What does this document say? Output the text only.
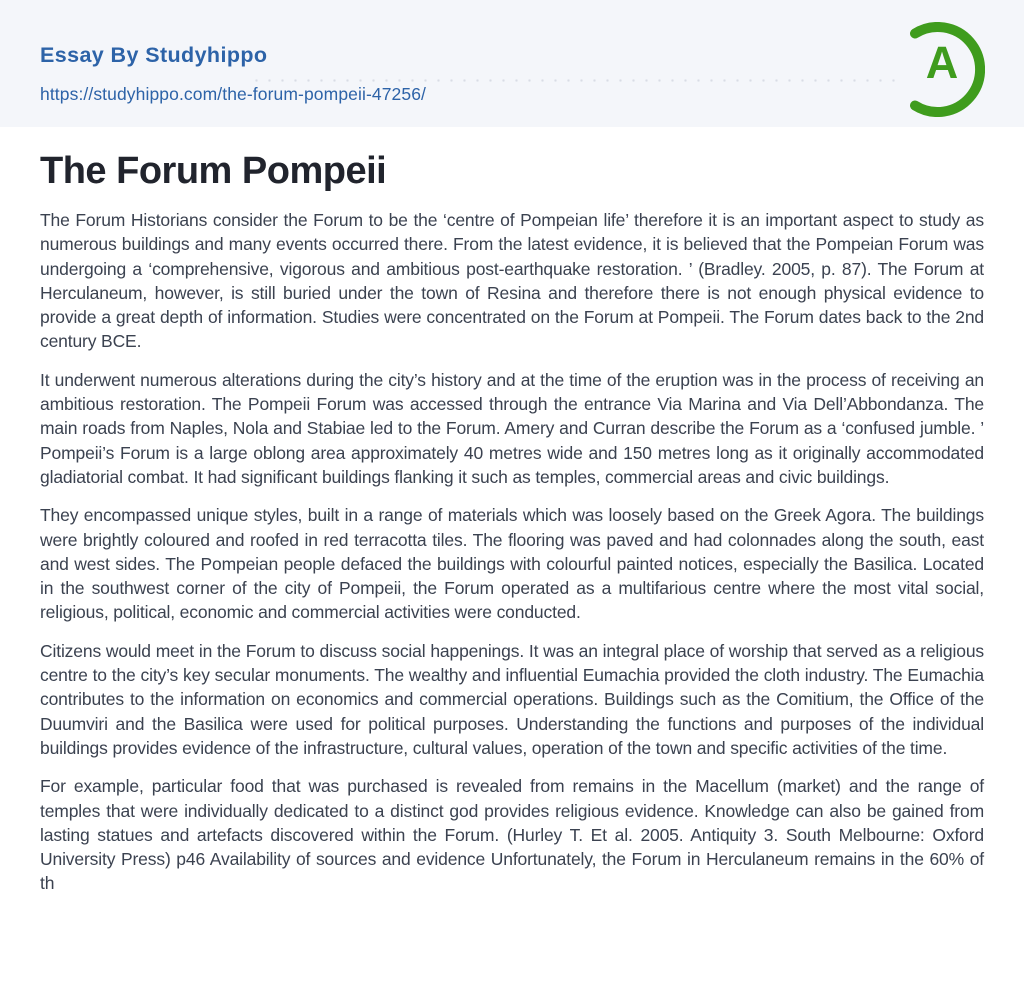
Essay By Studyhippo
https://studyhippo.com/the-forum-pompeii-47256/
A
The Forum Pompeii

The Forum Historians consider the Forum to be the ‘centre of Pompeian life’ therefore it is an important aspect to study as numerous buildings and many events occurred there. From the latest evidence, it is believed that the Pompeian Forum was undergoing a ‘comprehensive, vigorous and ambitious post-earthquake restoration. ’ (Bradley. 2005, p. 87). The Forum at Herculaneum, however, is still buried under the town of Resina and therefore there is not enough physical evidence to provide a great depth of information. Studies were concentrated on the Forum at Pompeii. The Forum dates back to the 2nd century BCE.

It underwent numerous alterations during the city’s history and at the time of the eruption was in the process of receiving an ambitious restoration. The Pompeii Forum was accessed through the entrance Via Marina and Via Dell’Abbondanza. The main roads from Naples, Nola and Stabiae led to the Forum. Amery and Curran describe the Forum as a ‘confused jumble. ’ Pompeii’s Forum is a large oblong area approximately 40 metres wide and 150 metres long as it originally accommodated gladiatorial combat. It had significant buildings flanking it such as temples, commercial areas and civic buildings.

They encompassed unique styles, built in a range of materials which was loosely based on the Greek Agora. The buildings were brightly coloured and roofed in red terracotta tiles. The flooring was paved and had colonnades along the south, east and west sides. The Pompeian people defaced the buildings with colourful painted notices, especially the Basilica. Located in the southwest corner of the city of Pompeii, the Forum operated as a multifarious centre where the most vital social, religious, political, economic and commercial activities were conducted.

Citizens would meet in the Forum to discuss social happenings. It was an integral place of worship that served as a religious centre to the city’s key secular monuments. The wealthy and influential Eumachia provided the cloth industry. The Eumachia contributes to the information on economics and commercial operations. Buildings such as the Comitium, the Office of the Duumviri and the Basilica were used for political purposes. Understanding the functions and purposes of the individual buildings provides evidence of the infrastructure, cultural values, operation of the town and specific activities of the time.

For example, particular food that was purchased is revealed from remains in the Macellum (market) and the range of temples that were individually dedicated to a distinct god provides religious evidence. Knowledge can also be gained from lasting statues and artefacts discovered within the Forum. (Hurley T. Et al. 2005. Antiquity 3. South Melbourne: Oxford University Press) p46 Availability of sources and evidence Unfortunately, the Forum in Herculaneum remains in the 60% of th
